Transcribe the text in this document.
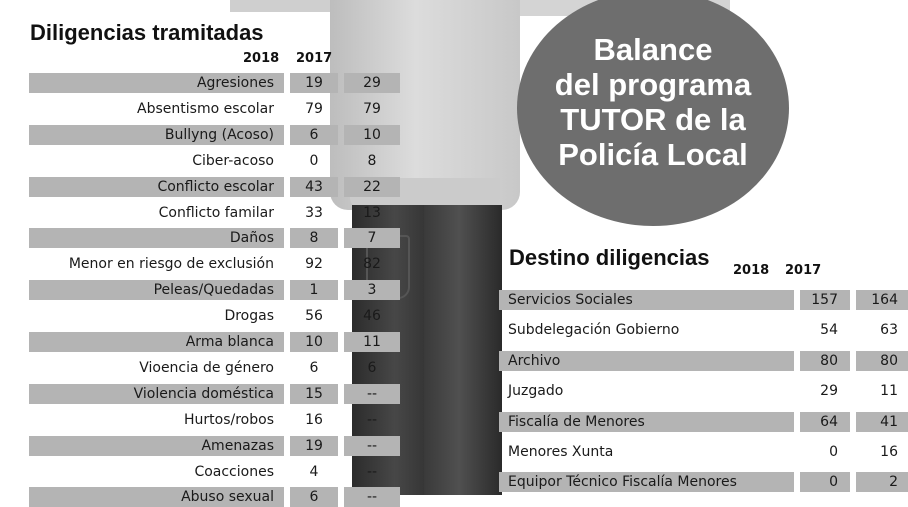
Balance
del programa
TUTOR de la
Policía Local
Diligencias tramitadas
2018 2017
Agresiones	19	29
Absentismo escolar	79	79
Bullyng (Acoso)	6	10
Ciber-acoso	0	8
Conflicto escolar	43	22
Conflicto familar	33	13
Daños	8	7
Menor en riesgo de exclusión	92	82
Peleas/Quedadas	1	3
Drogas	56	46
Arma blanca	10	11
Vioencia de género	6	6
Violencia doméstica	15	--
Hurtos/robos	16	--
Amenazas	19	--
Coacciones	4	--
Abuso sexual	6	--
Destino diligencias
2018 2017
Servicios Sociales	157	164
Subdelegación Gobierno	54	63
Archivo	80	80
Juzgado	29	11
Fiscalía de Menores	64	41
Menores Xunta	0	16
Equipor Técnico Fiscalía Menores	0	2
